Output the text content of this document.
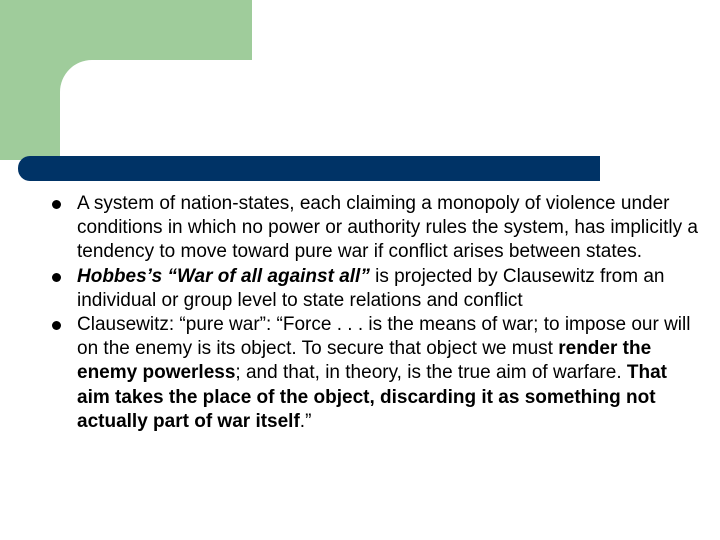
A system of nation-states, each claiming a monopoly of violence under conditions in which no power or authority rules the system, has implicitly a tendency to move toward pure war if conflict arises between states.
Hobbes’s “War of all against all” is projected by Clausewitz from an individual or group level to state relations and conflict
Clausewitz: “pure war”: “Force . . . is the means of war; to impose our will on the enemy is its object. To secure that object we must render the enemy powerless; and that, in theory, is the true aim of warfare. That aim takes the place of the object, discarding it as something not actually part of war itself.”
